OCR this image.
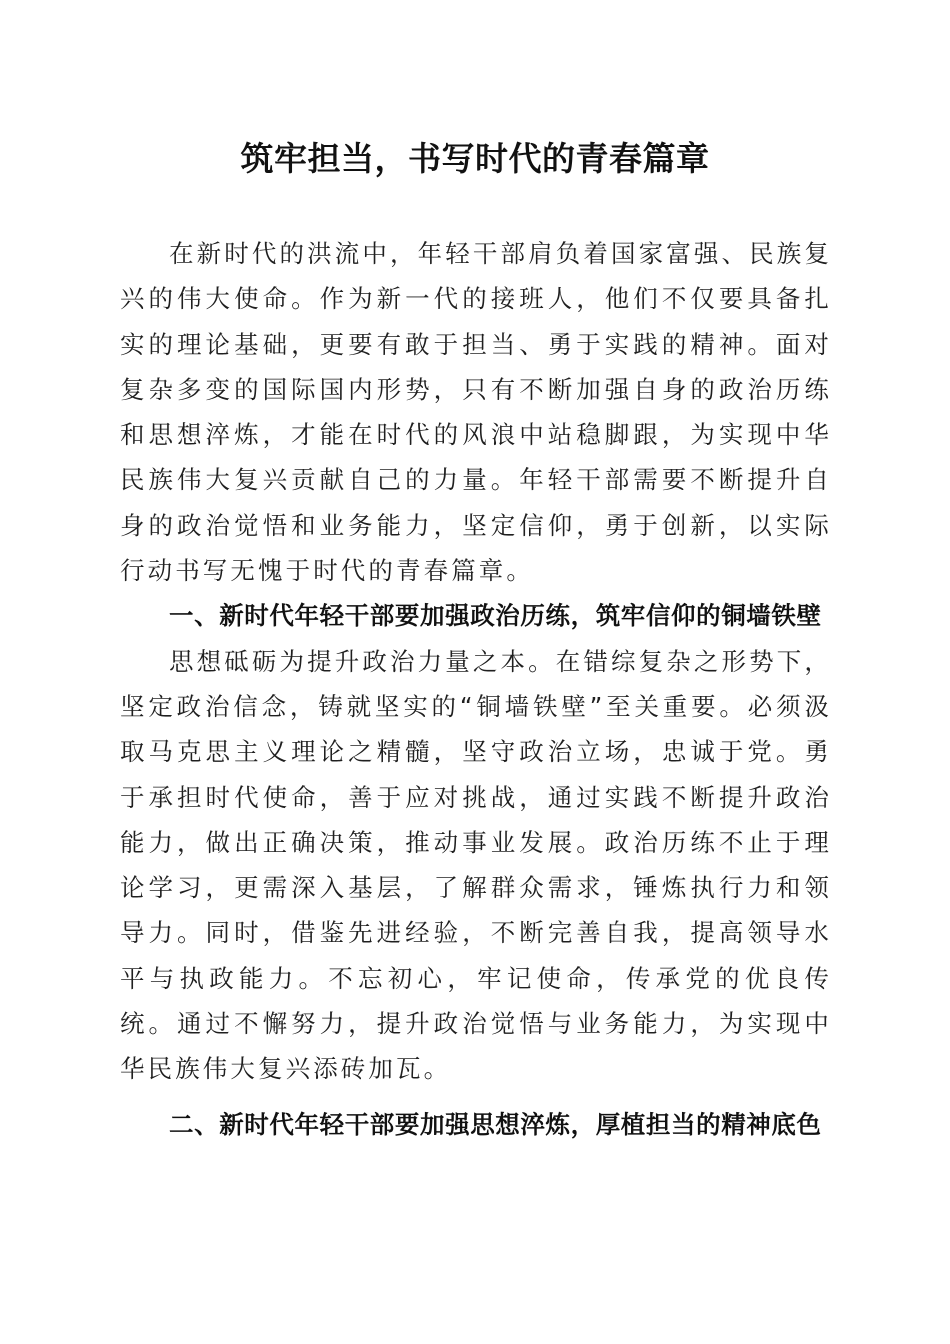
筑牢担当，书写时代的青春篇章

在新时代的洪流中，年轻干部肩负着国家富强、民族复兴的伟大使命。作为新一代的接班人，他们不仅要具备扎实的理论基础，更要有敢于担当、勇于实践的精神。面对复杂多变的国际国内形势，只有不断加强自身的政治历练和思想淬炼，才能在时代的风浪中站稳脚跟，为实现中华民族伟大复兴贡献自己的力量。年轻干部需要不断提升自身的政治觉悟和业务能力，坚定信仰，勇于创新，以实际行动书写无愧于时代的青春篇章。

一、新时代年轻干部要加强政治历练，筑牢信仰的铜墙铁壁

思想砥砺为提升政治力量之本。在错综复杂之形势下，坚定政治信念，铸就坚实的“铜墙铁壁”至关重要。必须汲取马克思主义理论之精髓，坚守政治立场，忠诚于党。勇于承担时代使命，善于应对挑战，通过实践不断提升政治能力，做出正确决策，推动事业发展。政治历练不止于理论学习，更需深入基层，了解群众需求，锤炼执行力和领导力。同时，借鉴先进经验，不断完善自我，提高领导水平与执政能力。不忘初心，牢记使命，传承党的优良传统。通过不懈努力，提升政治觉悟与业务能力，为实现中华民族伟大复兴添砖加瓦。

二、新时代年轻干部要加强思想淬炼，厚植担当的精神底色
